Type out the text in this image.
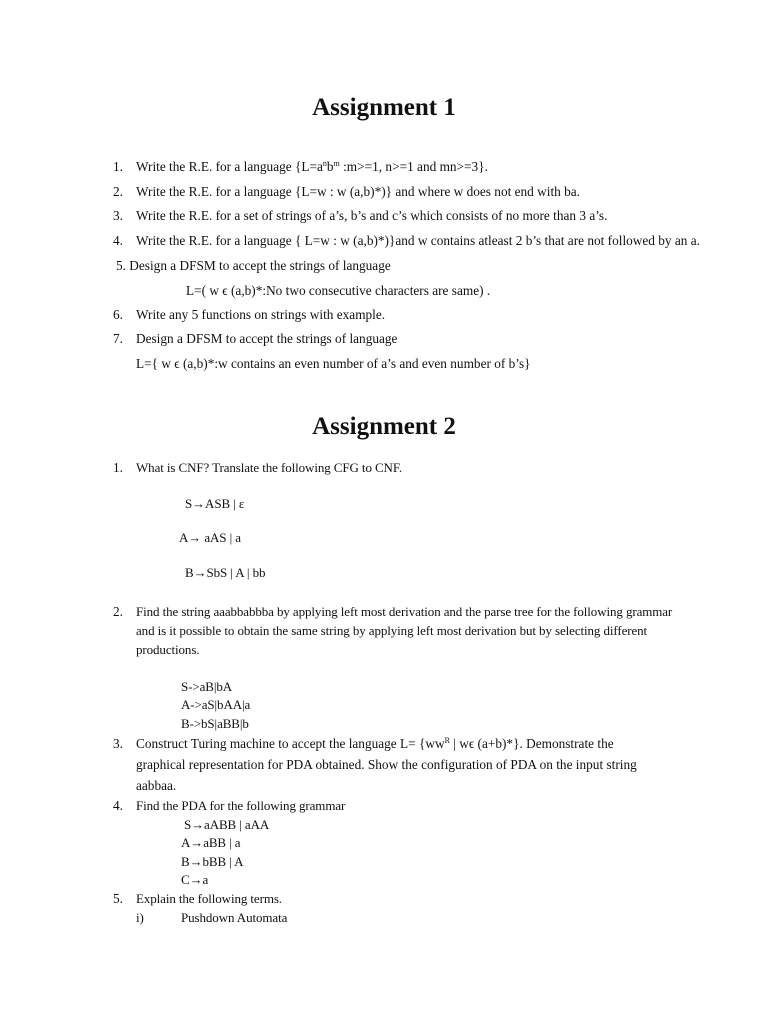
Assignment 1
1. Write the R.E. for a language {$L=a^nb^m$ :m>=1, n>=1 and mn>=3}.
2. Write the R.E. for a language {L=w : w (a,b)*)} and where w does not end with ba.
3. Write the R.E. for a set of strings of a’s, b’s and c’s which consists of no more than 3 a’s.
4. Write the R.E. for a language { L=w : w (a,b)*)}and w contains atleast 2 b’s that are not followed by an a.
5. Design a DFSM to accept the strings of language
L=( w ϵ (a,b)*:No two consecutive characters are same) .
6. Write any 5 functions on strings with example.
7. Design a DFSM to accept the strings of language
L={ w ϵ (a,b)*:w contains an even number of a’s and even number of b’s}
Assignment 2
1. What is CNF? Translate the following CFG to CNF.
S→ASB | ε
A→ aAS | a
B→SbS | A | bb
2. Find the string aaabbabbba by applying left most derivation and the parse tree for the following grammar
and is it possible to obtain the same string by applying left most derivation but by selecting different
productions.
S->aB|bA
A->aS|bAA|a
B->bS|aBB|b
3. Construct Turing machine to accept the language $L= \{ww^R$ | wϵ (a+b)*}. Demonstrate the
graphical representation for PDA obtained. Show the configuration of PDA on the input string
aabbaa.
4. Find the PDA for the following grammar
S→aABB | aAA
A→aBB | a
B→bBB | A
C→a
5. Explain the following terms.
i)	Pushdown Automata
